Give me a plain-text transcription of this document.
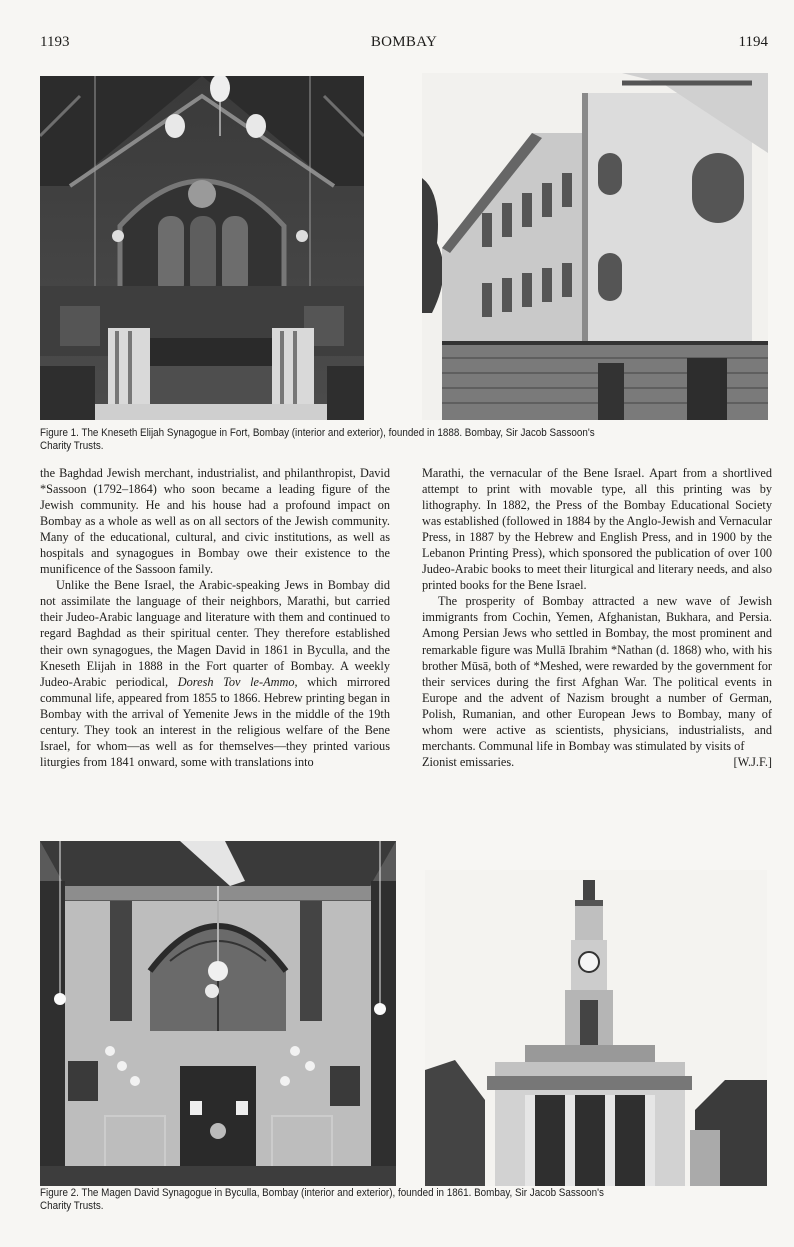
1193	BOMBAY	1194
Figure 1. The Kneseth Elijah Synagogue in Fort, Bombay (interior and exterior), founded in 1888. Bombay, Sir Jacob Sassoon's
Charity Trusts.

the Baghdad Jewish merchant, industrialist, and philanthropist, David *Sassoon (1792–1864) who soon became a leading figure of the Jewish community. He and his house had a profound impact on Bombay as a whole as well as on all sectors of the Jewish community. Many of the educational, cultural, and civic institutions, as well as hospitals and synagogues in Bombay owe their existence to the munificence of the Sassoon family.

Unlike the Bene Israel, the Arabic-speaking Jews in Bombay did not assimilate the language of their neighbors, Marathi, but carried their Judeo-Arabic language and literature with them and continued to regard Baghdad as their spiritual center. They therefore established their own synagogues, the Magen David in 1861 in Byculla, and the Kneseth Elijah in 1888 in the Fort quarter of Bombay. A weekly Judeo-Arabic periodical, Doresh Tov le-Ammo, which mirrored communal life, appeared from 1855 to 1866. Hebrew printing began in Bombay with the arrival of Yemenite Jews in the middle of the 19th century. They took an interest in the religious welfare of the Bene Israel, for whom—as well as for themselves—they printed various liturgies from 1841 onward, some with translations into

Marathi, the vernacular of the Bene Israel. Apart from a shortlived attempt to print with movable type, all this printing was by lithography. In 1882, the Press of the Bombay Educational Society was established (followed in 1884 by the Anglo-Jewish and Vernacular Press, in 1887 by the Hebrew and English Press, and in 1900 by the Lebanon Printing Press), which sponsored the publication of over 100 Judeo-Arabic books to meet their liturgical and literary needs, and also printed books for the Bene Israel.

The prosperity of Bombay attracted a new wave of Jewish immigrants from Cochin, Yemen, Afghanistan, Bukhara, and Persia. Among Persian Jews who settled in Bombay, the most prominent and remarkable figure was Mullā Ibrahim *Nathan (d. 1868) who, with his brother Mūsā, both of *Meshed, were rewarded by the government for their services during the first Afghan War. The political events in Europe and the advent of Nazism brought a number of German, Polish, Rumanian, and other European Jews to Bombay, many of whom were active as scientists, physicians, industrialists, and merchants. Communal life in Bombay was stimulated by visits of

Zionist emissaries.	[W.J.F.]
Figure 2. The Magen David Synagogue in Byculla, Bombay (interior and exterior), founded in 1861. Bombay, Sir Jacob Sassoon's
Charity Trusts.
